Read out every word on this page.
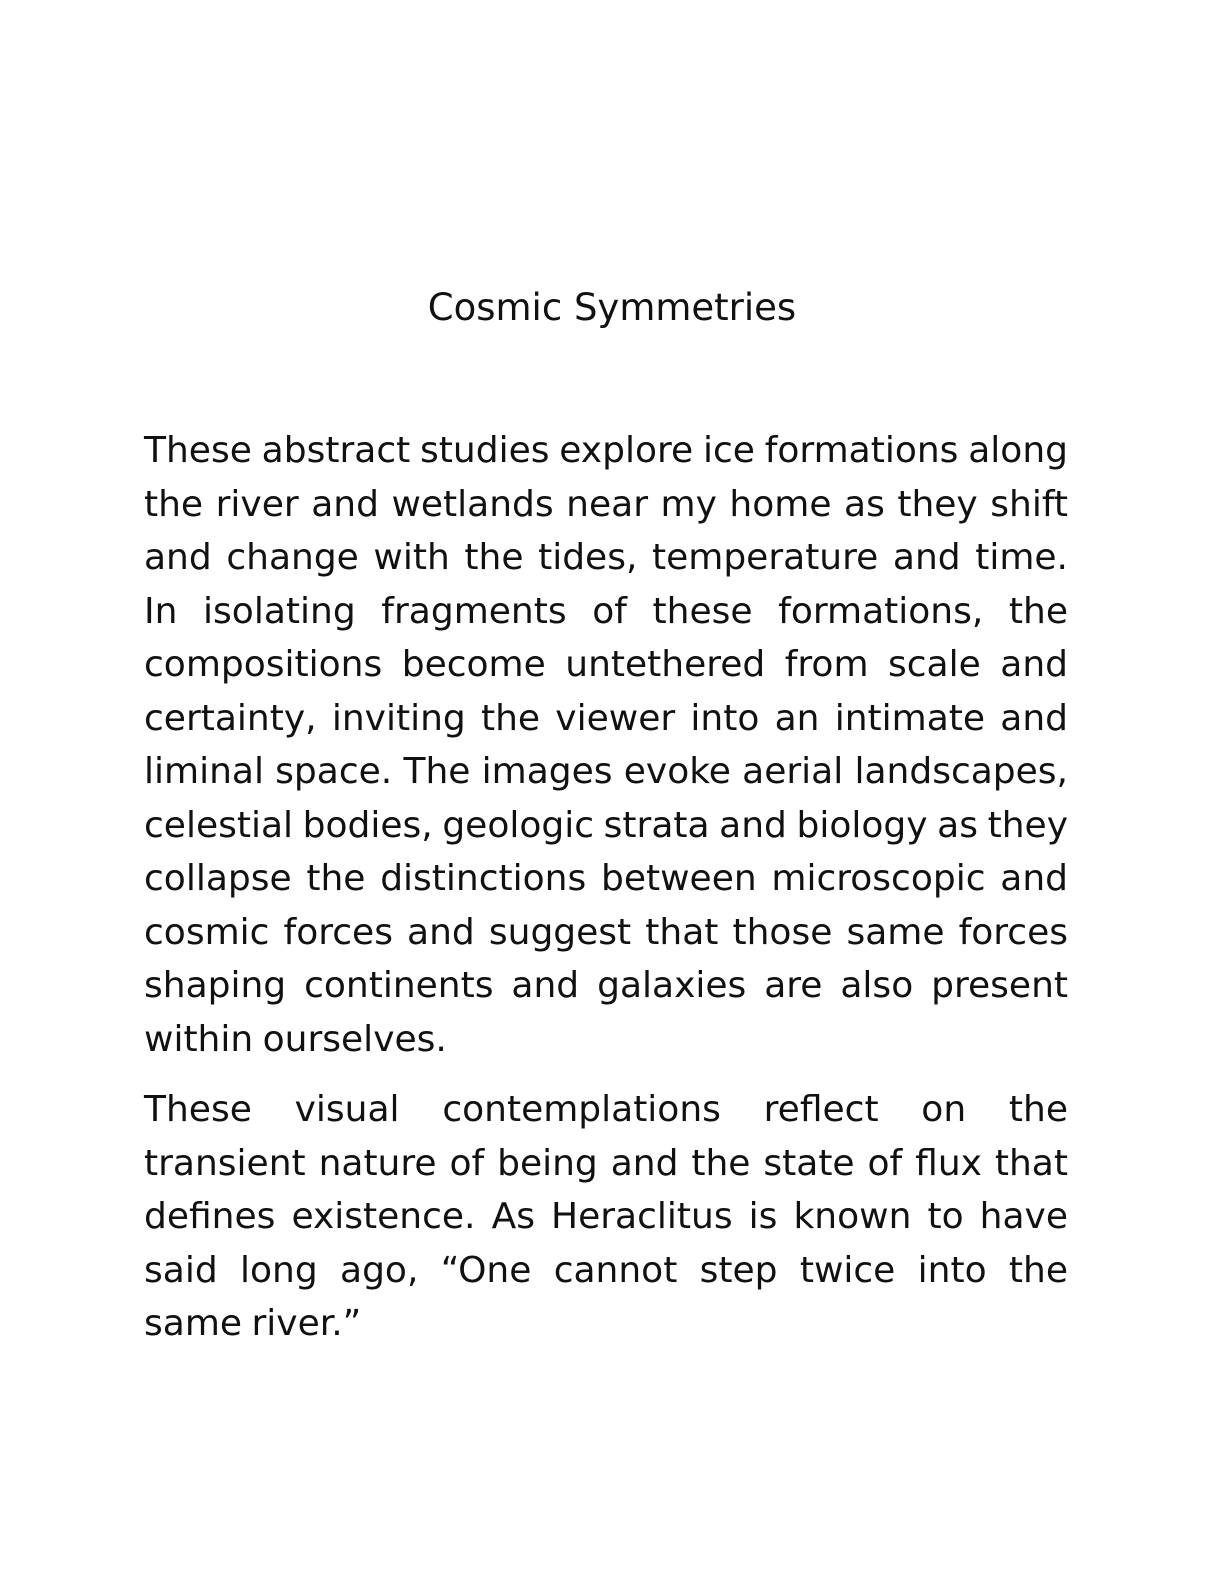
Cosmic Symmetries

These abstract studies explore ice formations along the river and wetlands near my home as they shift and change with the tides, temperature and time. In isolating fragments of these formations, the compositions become untethered from scale and certainty, inviting the viewer into an intimate and liminal space. The images evoke aerial landscapes, celestial bodies, geologic strata and biology as they collapse the distinctions between microscopic and cosmic forces and suggest that those same forces shaping continents and galaxies are also present within ourselves.

These visual contemplations reflect on the transient nature of being and the state of flux that defines existence. As Heraclitus is known to have said long ago, “One cannot step twice into the same river.”
